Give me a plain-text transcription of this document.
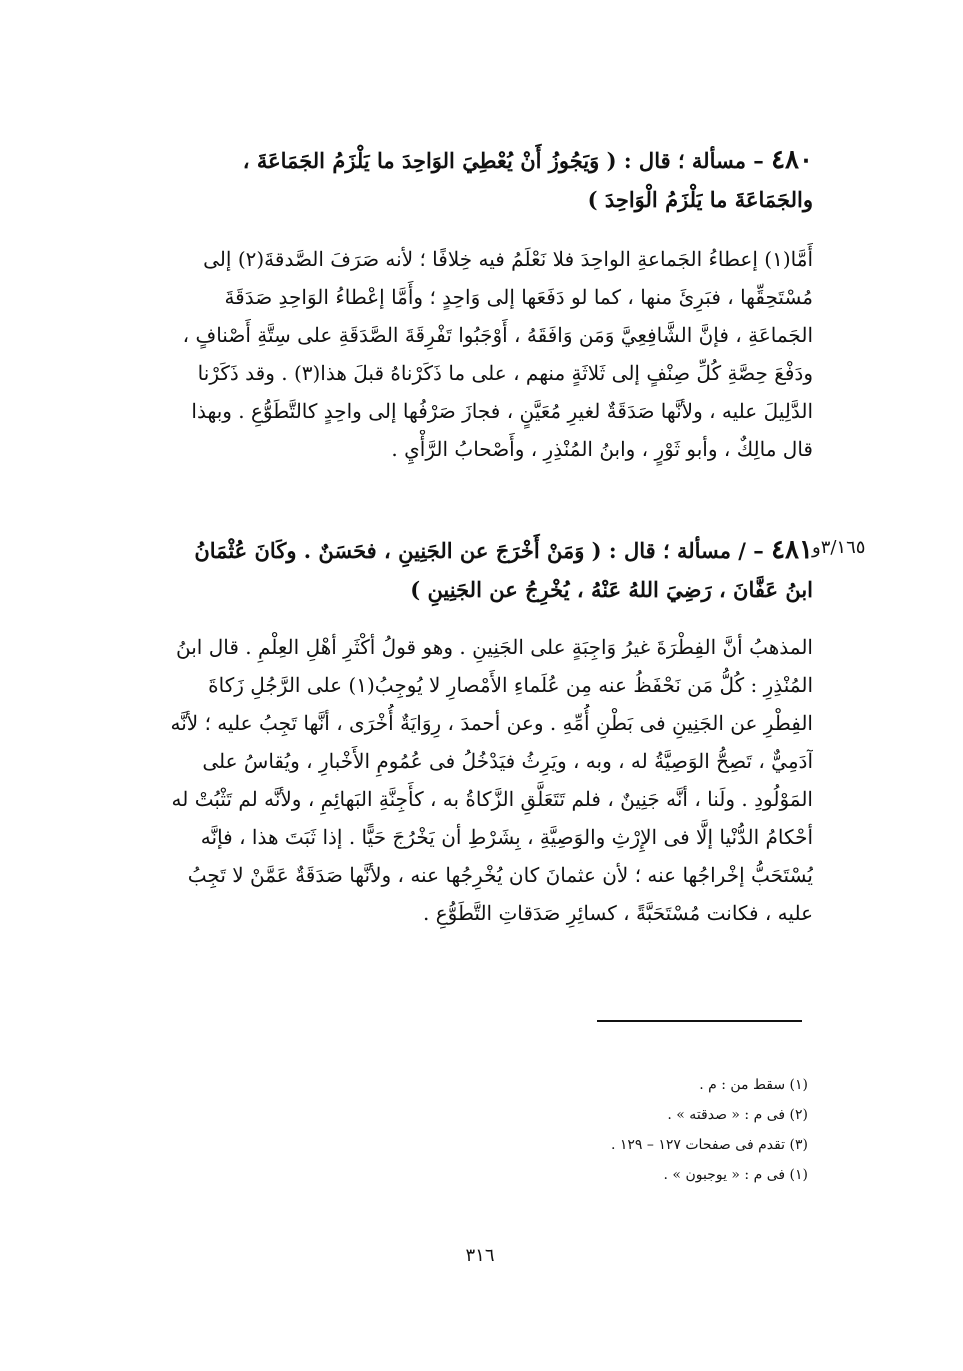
٤٨٠ – مسألة ؛ قال : ( وَيَجُوزُ أَنْ يُعْطِيَ الوَاحِدَ ما يَلْزَمُ الجَمَاعَةَ ،
والجَمَاعَةَ ما يَلْزَمُ الْوَاحِدَ )
أَمَّا(١) إعطاءُ الجَماعةِ الواحِدَ فلا نَعْلَمُ فيه خِلافًا ؛ لأنه صَرَفَ الصَّدقةَ(٢) إلى
مُسْتَحِقِّها ، فبَرِئَ منها ، كما لو دَفَعَها إلى وَاحِدٍ ؛ وأَمَّا إعْطاءُ الوَاحِدِ صَدَقَةَ
الجَماعَةِ ، فإنَّ الشَّافِعِيَّ وَمَن وَافَقَهُ ، أَوْجَبُوا تَفْرِقَةَ الصَّدَقَةِ على سِتَّةِ أَصْنافٍ ،
ودَفْعَ حِصَّةِ كُلِّ صِنْفٍ إلى ثَلاثَةٍ منهم ، على ما ذَكَرْناهُ قبلَ هذا(٣) . وقد ذَكَرْنا
الدَّلِيلَ عليه ، ولأنَّها صَدَقَةٌ لغيرِ مُعَيَّنٍ ، فجازَ صَرْفُها إلى واحِدٍ كالتَّطَوُّعِ . وبهذا
قال مالِكٌ ، وأبو ثَوْرٍ ، وابنُ المُنْذِرِ ، وأَصْحابُ الرَّأْيِ .
٣/١٦٥و
٤٨١ – / مسألة ؛ قال : ( وَمَنْ أَخْرَجَ عن الجَنِينِ ، فحَسَنٌ . وكَانَ عُثْمَانُ
ابنُ عَفَّانَ ، رَضِيَ اللهُ عَنْهُ ، يُخْرِجُ عن الجَنِينِ )
المذهبُ أنَّ الفِطْرَةَ غيرُ وَاجِبَةٍ على الجَنِينِ . وهو قولُ أكْثَرِ أهْلِ العِلْمِ . قال ابنُ
المُنْذِرِ : كُلُّ مَن نَحْفَظُ عنه مِن عُلَماءِ الأَمْصارِ لا يُوجِبُ(١) على الرَّجُلِ زَكاةَ
الفِطْرِ عن الجَنِينِ فى بَطْنِ أُمِّهِ . وعن أحمدَ ، رِوَايَةٌ أُخْرَى ، أنَّها تَجِبُ عليه ؛ لأنَّه
آدَمِيٌّ ، تَصِحُّ الوَصِيَّةُ له ، وبه ، ويَرِثُ فيَدْخُلُ فى عُمُومِ الأَخْبارِ ، ويُقاسُ على
المَوْلُودِ . ولَنا ، أنَّه جَنِينٌ ، فلم تَتَعَلَّقِ الزَّكاةُ به ، كأَجِنَّةِ البَهائِمِ ، ولأنَّه لم تَثْبُتْ له
أحْكامُ الدُّنْيا إلَّا فى الإِرْثِ والوَصِيَّةِ ، بِشَرْطِ أن يَخْرُجَ حَيًّا . إذا ثَبَتَ هذا ، فإنَّه
يُسْتَحَبُّ إخْراجُها عنه ؛ لأن عثمانَ كان يُخْرِجُها عنه ، ولأنَّها صَدَقَةٌ عَمَّنْ لا تَجِبُ
عليه ، فكانت مُسْتَحَبَّةً ، كسائِرِ صَدَقاتِ التَّطَوُّعِ .
(١) سقط من : م .
(٢) فى م : « صدقته » .
(٣) تقدم فى صفحات ١٢٧ – ١٢٩ .
(١) فى م : « يوجبون » .
٣١٦
